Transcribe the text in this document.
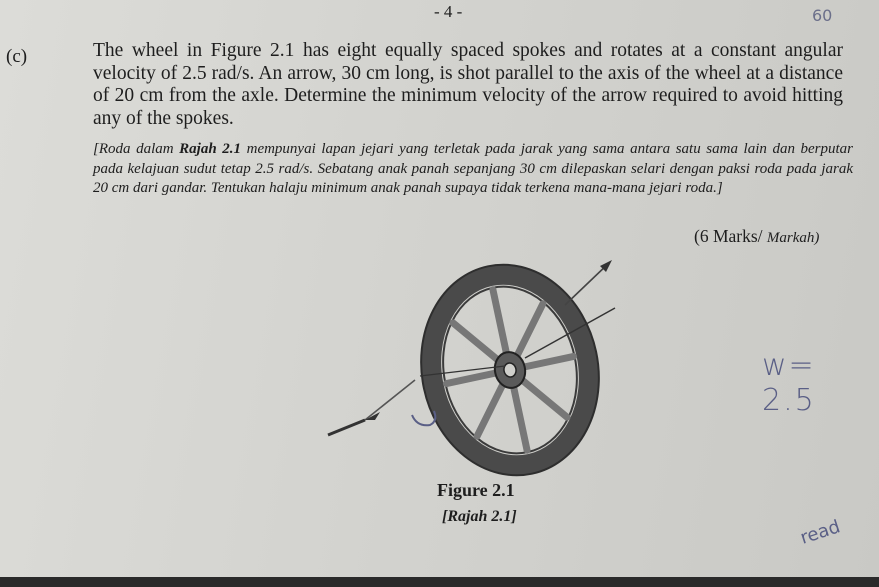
- 4 -	60
(c)	The wheel in Figure 2.1 has eight equally spaced spokes and rotates at a constant angular velocity of 2.5 rad/s. An arrow, 30 cm long, is shot parallel to the axis of the wheel at a distance of 20 cm from the axle. Determine the minimum velocity of the arrow required to avoid hitting any of the spokes.
[Roda dalam Rajah 2.1 mempunyai lapan jejari yang terletak pada jarak yang sama antara satu sama lain dan berputar pada kelajuan sudut tetap 2.5 rad/s. Sebatang anak panah sepanjang 30 cm dilepaskan selari dengan paksi roda pada jarak 20 cm dari gandar. Tentukan halaju minimum anak panah supaya tidak terkena mana-mana jejari roda.]
(6 Marks/ Markah)
Figure 2.1
[Rajah 2.1]
w= 2.5
read
